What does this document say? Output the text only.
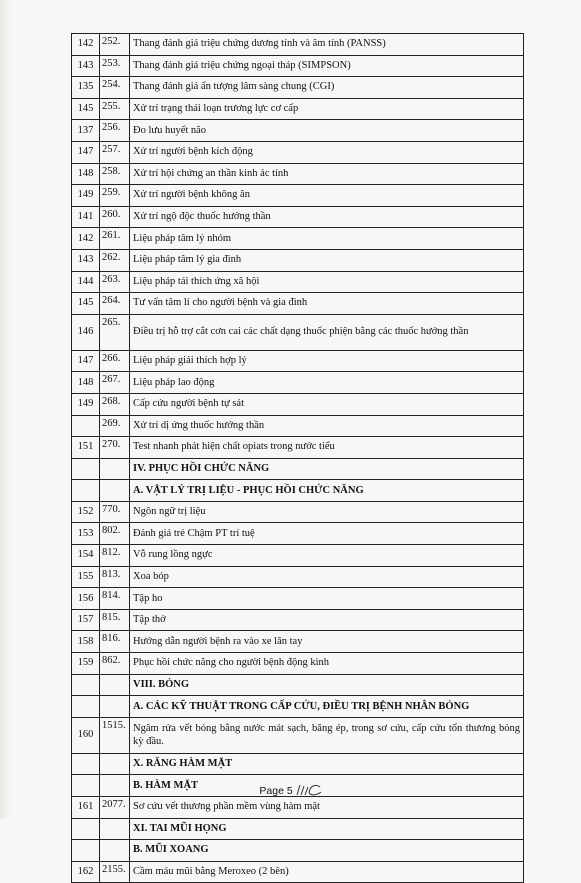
142	252.	Thang đánh giá triệu chứng dương tính và âm tính (PANSS)
143	253.	Thang đánh giá triệu chứng ngoại tháp (SIMPSON)
135	254.	Thang đánh giá ấn tượng lâm sàng chung (CGI)
145	255.	Xử trí trạng thái loạn trương lực cơ cấp
137	256.	Đo lưu huyết não
147	257.	Xử trí người bệnh kích động
148	258.	Xử trí hội chứng an thần kinh ác tính
149	259.	Xử trí người bệnh không ăn
141	260.	Xử trí ngộ độc thuốc hướng thần
142	261.	Liệu pháp tâm lý nhóm
143	262.	Liệu pháp tâm lý gia đình
144	263.	Liệu pháp tái thích ứng xã hội
145	264.	Tư vấn tâm lí cho người bệnh và gia đình
146	265.	Điều trị hỗ trợ cắt cơn cai các chất dạng thuốc phiện bằng các thuốc hướng thần
147	266.	Liệu pháp giải thích hợp lý
148	267.	Liệu pháp lao động
149	268.	Cấp cứu người bệnh tự sát
	269.	Xử trí dị ứng thuốc hướng thần
151	270.	Test nhanh phát hiện chất opiats trong nước tiểu
		IV. PHỤC HỒI CHỨC NĂNG
		A. VẬT LÝ TRỊ LIỆU - PHỤC HỒI CHỨC NĂNG
152	770.	Ngôn ngữ trị liệu
153	802.	Đánh giá trẻ Chậm PT trí tuệ
154	812.	Vỗ rung lồng ngực
155	813.	Xoa bóp
156	814.	Tập ho
157	815.	Tập thở
158	816.	Hướng dẫn người bệnh ra vào xe lăn tay
159	862.	Phục hồi chức năng cho người bệnh động kinh
		VIII. BỎNG
		A. CÁC KỸ THUẬT TRONG CẤP CỨU, ĐIỀU TRỊ BỆNH NHÂN BỎNG
160	1515.	Ngâm rửa vết bỏng bằng nước mát sạch, băng ép, trong sơ cứu, cấp cứu tổn thương bỏng kỳ đầu.
		X. RĂNG HÀM MẶT
		B. HÀM MẶT
161	2077.	Sơ cứu vết thương phần mềm vùng hàm mặt
		XI. TAI MŨI HỌNG
		B. MŨI XOANG
162	2155.	Cầm máu mũi bằng Meroxeo (2 bên)
Page 5
